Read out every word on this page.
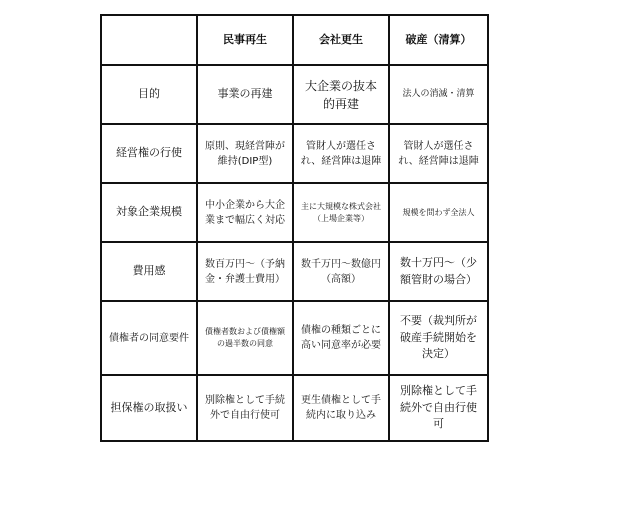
	民事再生	会社更生	破産（清算）
目的	事業の再建	大企業の抜本的再建	法人の消滅・清算
経営権の行使	原則、現経営陣が維持(DIP型)	管財人が選任され、経営陣は退陣	管財人が選任され、経営陣は退陣
対象企業規模	中小企業から大企業まで幅広く対応	主に大規模な株式会社（上場企業等）	規模を問わず全法人
費用感	数百万円〜（予納金・弁護士費用）	数千万円〜数億円（高額）	数十万円〜（少額管財の場合）
債権者の同意要件	債権者数および債権額の過半数の同意	債権の種類ごとに高い同意率が必要	不要（裁判所が破産手続開始を決定）
担保権の取扱い	別除権として手続外で自由行使可	更生債権として手続内に取り込み	別除権として手続外で自由行使可
